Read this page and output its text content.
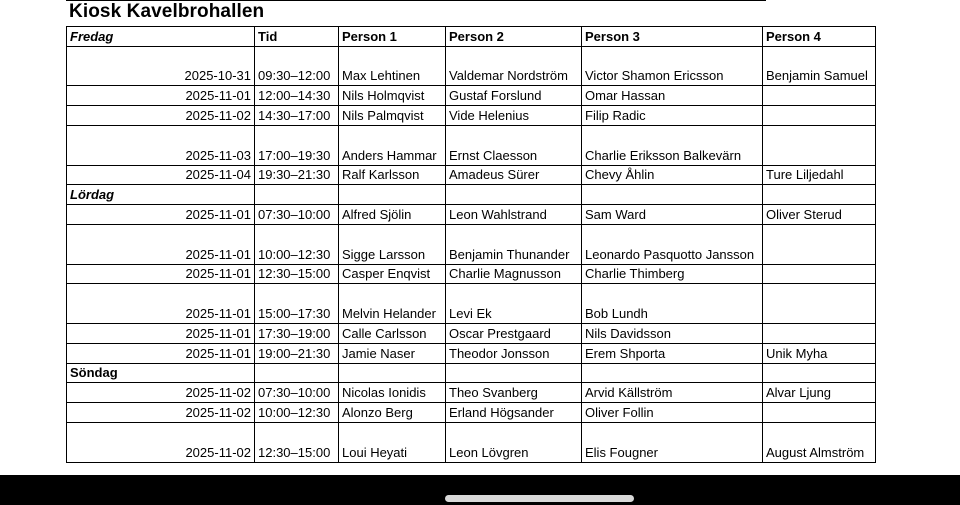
Kiosk Kavelbrohallen
Fredag	Tid	Person 1	Person 2	Person 3	Person 4
2025-10-31	09:30–12:00	Max Lehtinen	Valdemar Nordström	Victor Shamon Ericsson	Benjamin Samuel
2025-11-01	12:00–14:30	Nils Holmqvist	Gustaf Forslund	Omar Hassan	
2025-11-02	14:30–17:00	Nils Palmqvist	Vide Helenius	Filip Radic	
2025-11-03	17:00–19:30	Anders Hammar	Ernst Claesson	Charlie Eriksson Balkevärn	
2025-11-04	19:30–21:30	Ralf Karlsson	Amadeus Sürer	Chevy Åhlin	Ture Liljedahl
Lördag					
2025-11-01	07:30–10:00	Alfred Sjölin	Leon Wahlstrand	Sam Ward	Oliver Sterud
2025-11-01	10:00–12:30	Sigge Larsson	Benjamin Thunander	Leonardo Pasquotto Jansson	
2025-11-01	12:30–15:00	Casper Enqvist	Charlie Magnusson	Charlie Thimberg	
2025-11-01	15:00–17:30	Melvin Helander	Levi Ek	Bob Lundh	
2025-11-01	17:30–19:00	Calle Carlsson	Oscar Prestgaard	Nils Davidsson	
2025-11-01	19:00–21:30	Jamie Naser	Theodor Jonsson	Erem Shporta	Unik Myha
Söndag					
2025-11-02	07:30–10:00	Nicolas Ionidis	Theo Svanberg	Arvid Källström	Alvar Ljung
2025-11-02	10:00–12:30	Alonzo Berg	Erland Högsander	Oliver Follin	
2025-11-02	12:30–15:00	Loui Heyati	Leon Lövgren	Elis Fougner	August Almström
